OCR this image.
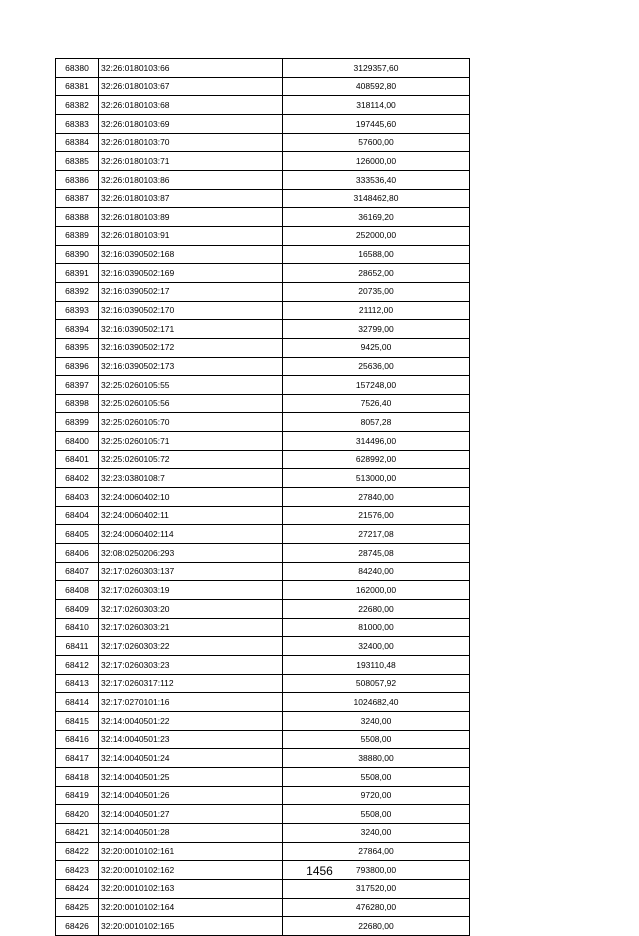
68380	32:26:0180103:66	3129357,60
68381	32:26:0180103:67	408592,80
68382	32:26:0180103:68	318114,00
68383	32:26:0180103:69	197445,60
68384	32:26:0180103:70	57600,00
68385	32:26:0180103:71	126000,00
68386	32:26:0180103:86	333536,40
68387	32:26:0180103:87	3148462,80
68388	32:26:0180103:89	36169,20
68389	32:26:0180103:91	252000,00
68390	32:16:0390502:168	16588,00
68391	32:16:0390502:169	28652,00
68392	32:16:0390502:17	20735,00
68393	32:16:0390502:170	21112,00
68394	32:16:0390502:171	32799,00
68395	32:16:0390502:172	9425,00
68396	32:16:0390502:173	25636,00
68397	32:25:0260105:55	157248,00
68398	32:25:0260105:56	7526,40
68399	32:25:0260105:70	8057,28
68400	32:25:0260105:71	314496,00
68401	32:25:0260105:72	628992,00
68402	32:23:0380108:7	513000,00
68403	32:24:0060402:10	27840,00
68404	32:24:0060402:11	21576,00
68405	32:24:0060402:114	27217,08
68406	32:08:0250206:293	28745,08
68407	32:17:0260303:137	84240,00
68408	32:17:0260303:19	162000,00
68409	32:17:0260303:20	22680,00
68410	32:17:0260303:21	81000,00
68411	32:17:0260303:22	32400,00
68412	32:17:0260303:23	193110,48
68413	32:17:0260317:112	508057,92
68414	32:17:0270101:16	1024682,40
68415	32:14:0040501:22	3240,00
68416	32:14:0040501:23	5508,00
68417	32:14:0040501:24	38880,00
68418	32:14:0040501:25	5508,00
68419	32:14:0040501:26	9720,00
68420	32:14:0040501:27	5508,00
68421	32:14:0040501:28	3240,00
68422	32:20:0010102:161	27864,00
68423	32:20:0010102:162	793800,00
68424	32:20:0010102:163	317520,00
68425	32:20:0010102:164	476280,00
68426	32:20:0010102:165	22680,00
1456
